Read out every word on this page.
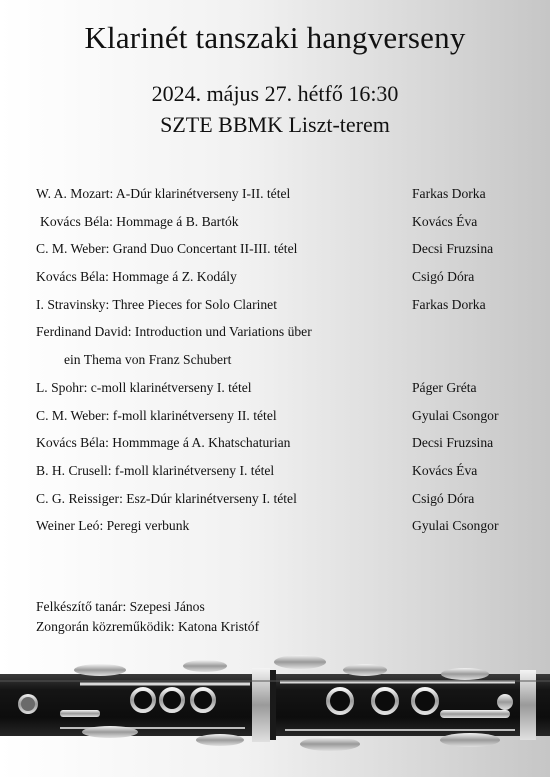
Klarinét tanszaki hangverseny
2024. május 27. hétfő 16:30
SZTE BBMK Liszt-terem
W. A. Mozart: A-Dúr klarinétverseny I-II. tétel	Farkas Dorka
Kovács Béla: Hommage á B. Bartók	Kovács Éva
C. M. Weber: Grand Duo Concertant II-III. tétel	Decsi Fruzsina
Kovács Béla: Hommage á Z. Kodály	Csigó Dóra
I. Stravinsky: Three Pieces for Solo Clarinet	Farkas Dorka
Ferdinand David: Introduction und Variations über
ein Thema von Franz Schubert
L. Spohr: c-moll klarinétverseny I. tétel	Páger Gréta
C. M. Weber: f-moll klarinétverseny II. tétel	Gyulai Csongor
Kovács Béla: Hommmage á A. Khatschaturian	Decsi Fruzsina
B. H. Crusell: f-moll klarinétverseny I. tétel	Kovács Éva
C. G. Reissiger: Esz-Dúr klarinétverseny I. tétel	Csigó Dóra
Weiner Leó: Peregi verbunk	Gyulai Csongor
Felkészítő tanár: Szepesi János
Zongorán közreműködik: Katona Kristóf
